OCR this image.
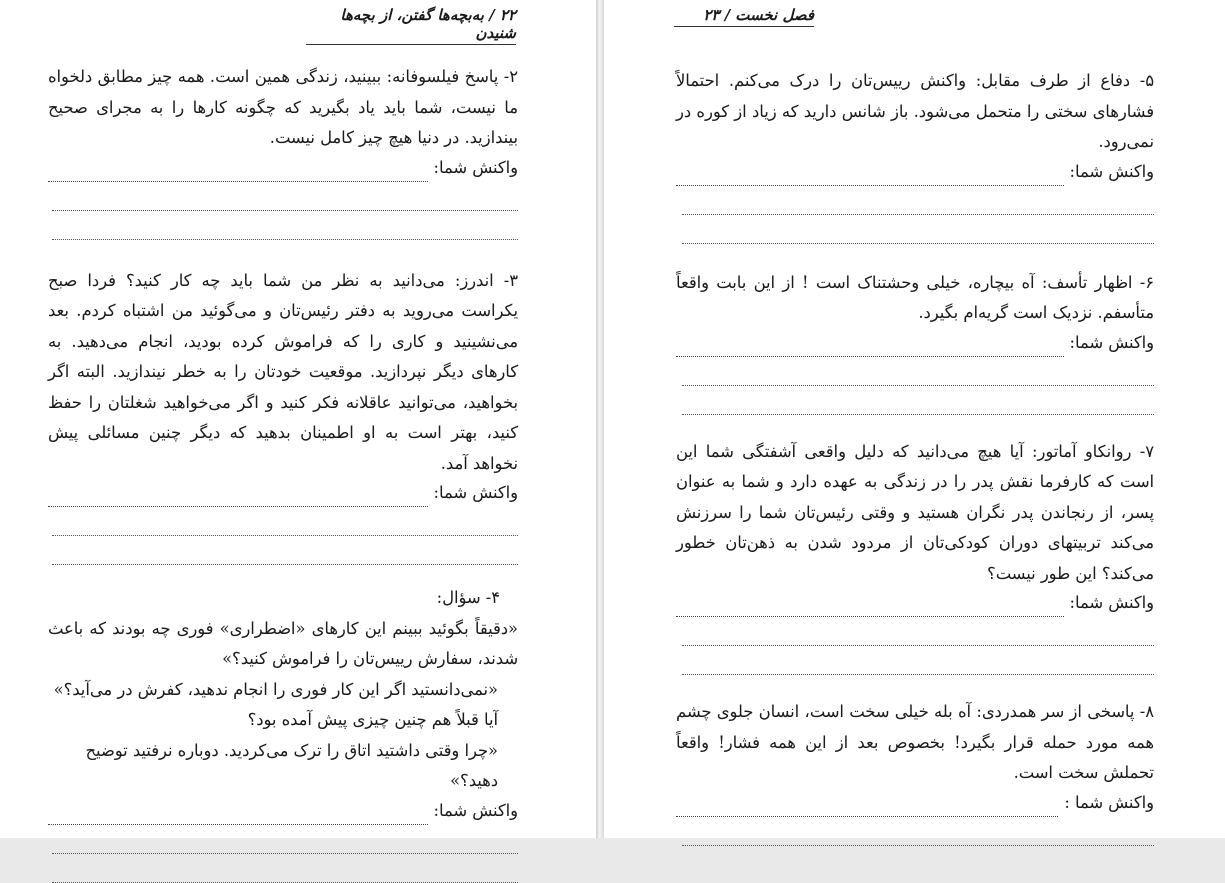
۲۲ / به‌بچه‌ها گفتن، از بچه‌ها شنیدن

۲- پاسخ فیلسوفانه: ببینید، زندگی همین است. همه چیز مطابق دلخواه ما نیست، شما باید یاد بگیرید که چگونه کارها را به مجرای صحیح بیندازید. در دنیا هیچ چیز کامل نیست.

واکنش شما:

۳- اندرز: می‌دانید به نظر من شما باید چه کار کنید؟ فردا صبح یکراست می‌روید به دفتر رئیس‌تان و می‌گوئید من اشتباه کردم. بعد می‌نشینید و کاری را که فراموش کرده بودید، انجام می‌دهید. به کارهای دیگر نپردازید. موقعیت خودتان را به خطر نیندازید. البته اگر بخواهید، می‌توانید عاقلانه فکر کنید و اگر می‌خواهید شغلتان را حفظ کنید، بهتر است به او اطمینان بدهید که دیگر چنین مسائلی پیش نخواهد آمد.

واکنش شما:

۴- سؤال:

«دقیقاً بگوئید ببینم این کارهای «اضطراری» فوری چه بودند که باعث شدند، سفارش رییس‌تان را فراموش کنید؟»

«نمی‌دانستید اگر این کار فوری را انجام ندهید، کفرش در می‌آید؟»

آیا قبلاً هم چنین چیزی پیش آمده بود؟

«چرا وقتی داشتید اتاق را ترک می‌کردید. دوباره نرفتید توضیح دهید؟»

واکنش شما:
فصل نخست / ۲۳

۵- دفاع از طرف مقابل: واکنش رییس‌تان را درک می‌کنم. احتمالاً فشارهای سختی را متحمل می‌شود. باز شانس دارید که زیاد از کوره در نمی‌رود.

واکنش شما:

۶- اظهار تأسف: آه بیچاره، خیلی وحشتناک است ! از این بابت واقعاً متأسفم. نزدیک است گریه‌ام بگیرد.

واکنش شما:

۷- روانکاو آماتور: آیا هیچ می‌دانید که دلیل واقعی آشفتگی شما این است که کارفرما نقش پدر را در زندگی به عهده دارد و شما به عنوان پسر، از رنجاندن پدر نگران هستید و وقتی رئیس‌تان شما را سرزنش می‌کند تربیتهای دوران کودکی‌تان از مردود شدن به ذهن‌تان خطور می‌کند؟ این طور نیست؟

واکنش شما:

۸- پاسخی از سر همدردی: آه بله خیلی سخت است، انسان جلوی چشم همه مورد حمله قرار بگیرد! بخصوص بعد از این همه فشار! واقعاً تحملش سخت است.

واکنش شما :
